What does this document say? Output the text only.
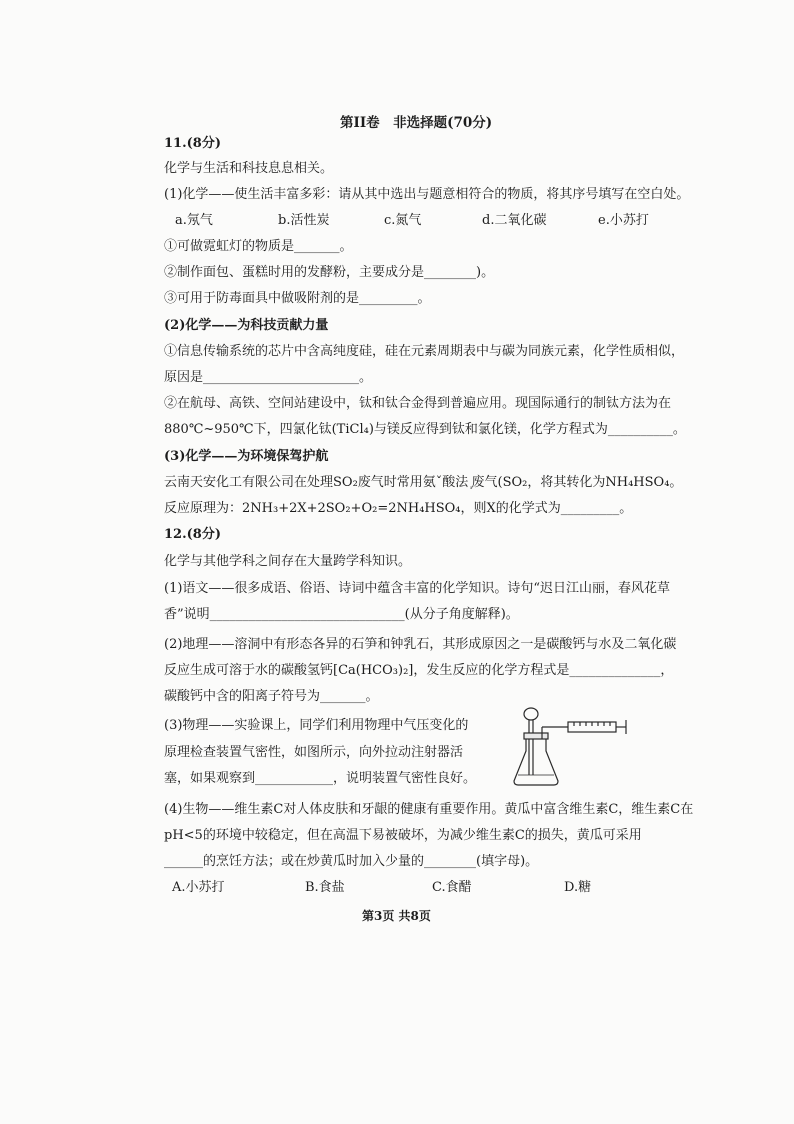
第II卷　非选择题(70分)
11.(8分)
化学与生活和科技息息相关。
(1)化学——使生活丰富多彩：请从其中选出与题意相符合的物质，将其序号填写在空白处。
a.氖气	b.活性炭	c.氮气	d.二氧化碳	e.小苏打
①可做霓虹灯的物质是_______。
②制作面包、蛋糕时用的发酵粉，主要成分是________)。
③可用于防毒面具中做吸附剂的是_________。
(2)化学——为科技贡献力量
①信息传输系统的芯片中含高纯度硅，硅在元素周期表中与碳为同族元素，化学性质相似，
原因是________________________。
②在航母、高铁、空间站建设中，钛和钛合金得到普遍应用。现国际通行的制钛方法为在
880℃~950℃下，四氯化钛(TiCl₄)与镁反应得到钛和氯化镁，化学方程式为__________。
(3)化学——为环境保驾护航
云南天安化工有限公司在处理SO₂废气时常用氨ˇ酸法᠎ ᷊废气(SO₂，将其转化为NH₄HSO₄。
反应原理为：2NH₃+2X+2SO₂+O₂=2NH₄HSO₄，则X的化学式为_________。
12.(8分)
化学与其他学科之间存在大量跨学科知识。
(1)语文——很多成语、俗语、诗词中蕴含丰富的化学知识。诗句“迟日江山丽，春风花草
香”说明______________________________(从分子角度解释)。
(2)地理——溶洞中有形态各异的石笋和钟乳石，其形成原因之一是碳酸钙与水及二氧化碳
反应生成可溶于水的碳酸氢钙[Ca(HCO₃)₂]，发生反应的化学方程式是______________，
碳酸钙中含的阳离子符号为_______。
(3)物理——实验课上，同学们利用物理中气压变化的
原理检查装置气密性，如图所示，向外拉动注射器活
塞，如果观察到____________，说明装置气密性良好。
(4)生物——维生素C对人体皮肤和牙龈的健康有重要作用。黄瓜中富含维生素C，维生素C在
pH<5的环境中较稳定，但在高温下易被破坏，为减少维生素C的损失，黄瓜可采用
______的烹饪方法；或在炒黄瓜时加入少量的________(填字母)。
A.小苏打	B.食盐	C.食醋	D.糖
第3页 共8页
